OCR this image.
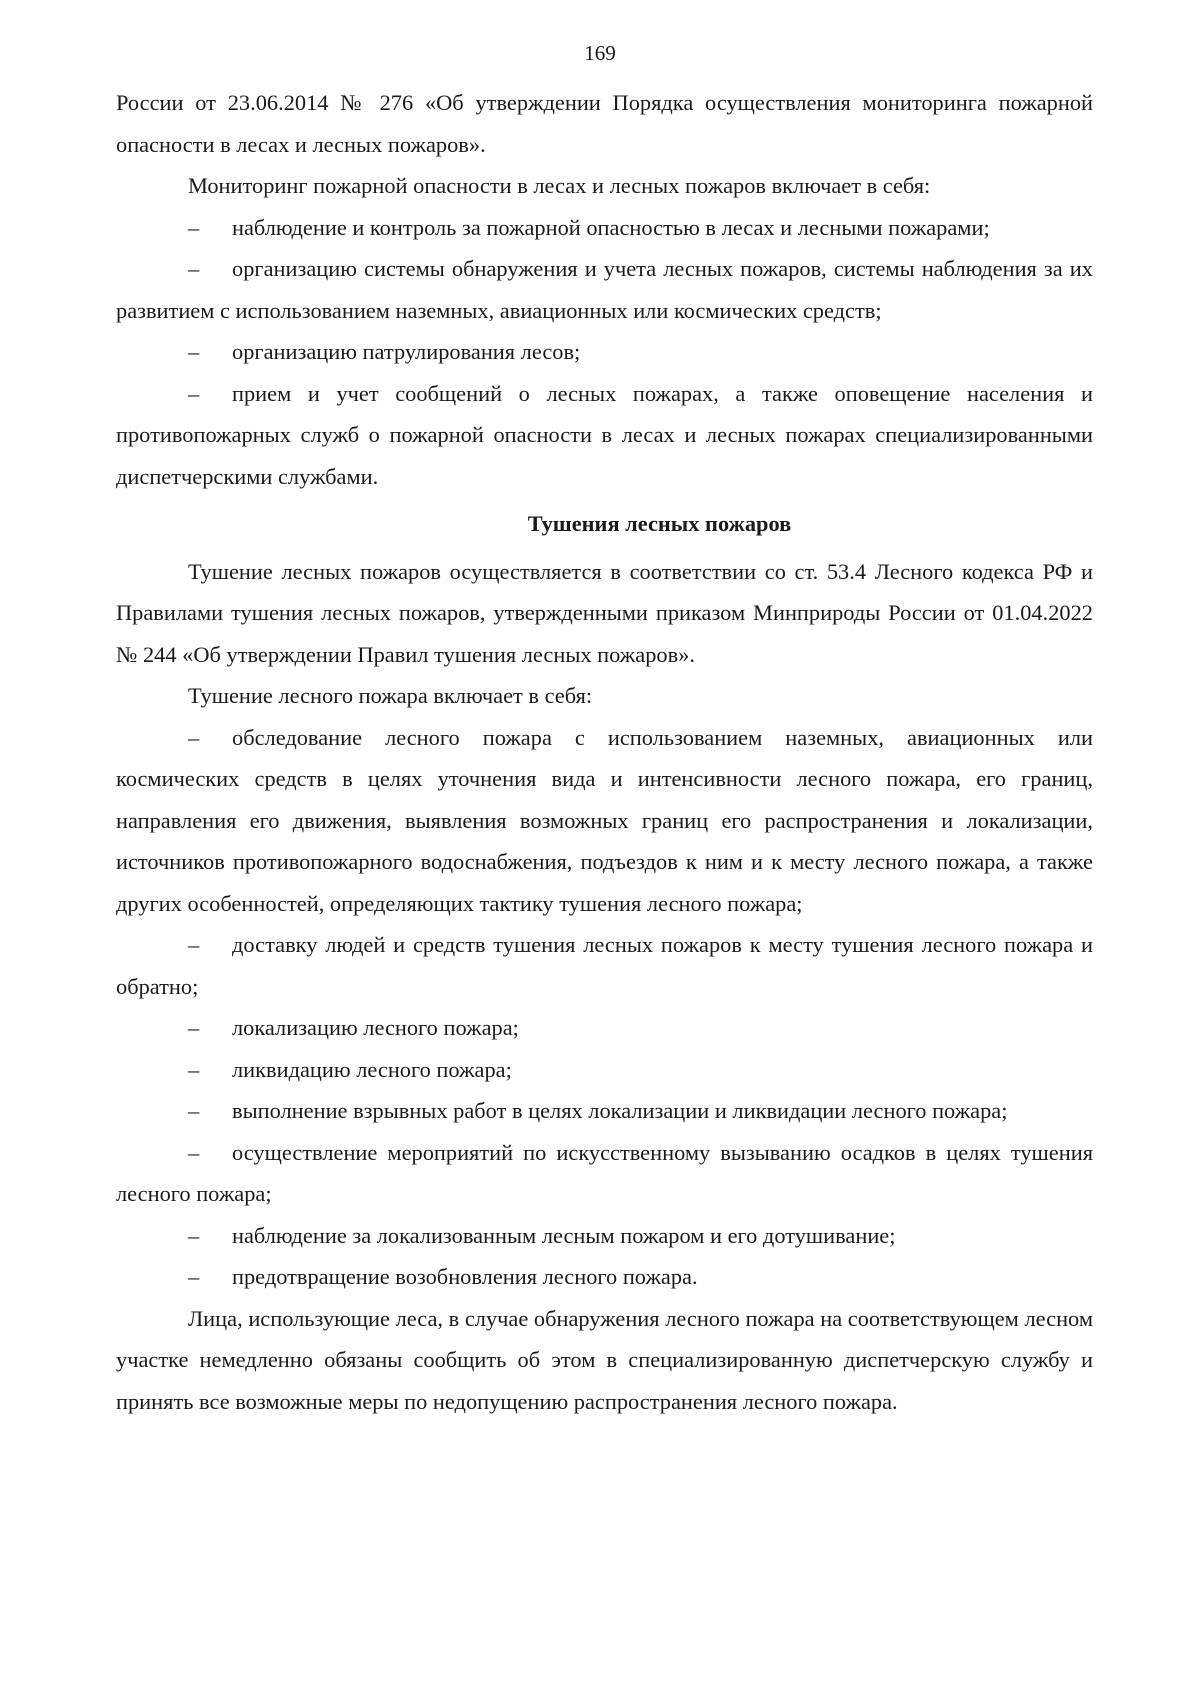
169

России от 23.06.2014 № 276 «Об утверждении Порядка осуществления мониторинга пожарной опасности в лесах и лесных пожаров».

Мониторинг пожарной опасности в лесах и лесных пожаров включает в себя:

– наблюдение и контроль за пожарной опасностью в лесах и лесными пожарами;

– организацию системы обнаружения и учета лесных пожаров, системы наблюдения за их развитием с использованием наземных, авиационных или космических средств;

– организацию патрулирования лесов;

– прием и учет сообщений о лесных пожарах, а также оповещение населения и противопожарных служб о пожарной опасности в лесах и лесных пожарах специализированными диспетчерскими службами.

Тушения лесных пожаров

Тушение лесных пожаров осуществляется в соответствии со ст. 53.4 Лесного кодекса РФ и Правилами тушения лесных пожаров, утвержденными приказом Минприроды России от 01.04.2022 № 244 «Об утверждении Правил тушения лесных пожаров».

Тушение лесного пожара включает в себя:

– обследование лесного пожара с использованием наземных, авиационных или космических средств в целях уточнения вида и интенсивности лесного пожара, его границ, направления его движения, выявления возможных границ его распространения и локализации, источников противопожарного водоснабжения, подъездов к ним и к месту лесного пожара, а также других особенностей, определяющих тактику тушения лесного пожара;

– доставку людей и средств тушения лесных пожаров к месту тушения лесного пожара и обратно;

– локализацию лесного пожара;

– ликвидацию лесного пожара;

– выполнение взрывных работ в целях локализации и ликвидации лесного пожара;

– осуществление мероприятий по искусственному вызыванию осадков в целях тушения лесного пожара;

– наблюдение за локализованным лесным пожаром и его дотушивание;

– предотвращение возобновления лесного пожара.

Лица, использующие леса, в случае обнаружения лесного пожара на соответствующем лесном участке немедленно обязаны сообщить об этом в специализированную диспетчерскую службу и принять все возможные меры по недопущению распространения лесного пожара.
